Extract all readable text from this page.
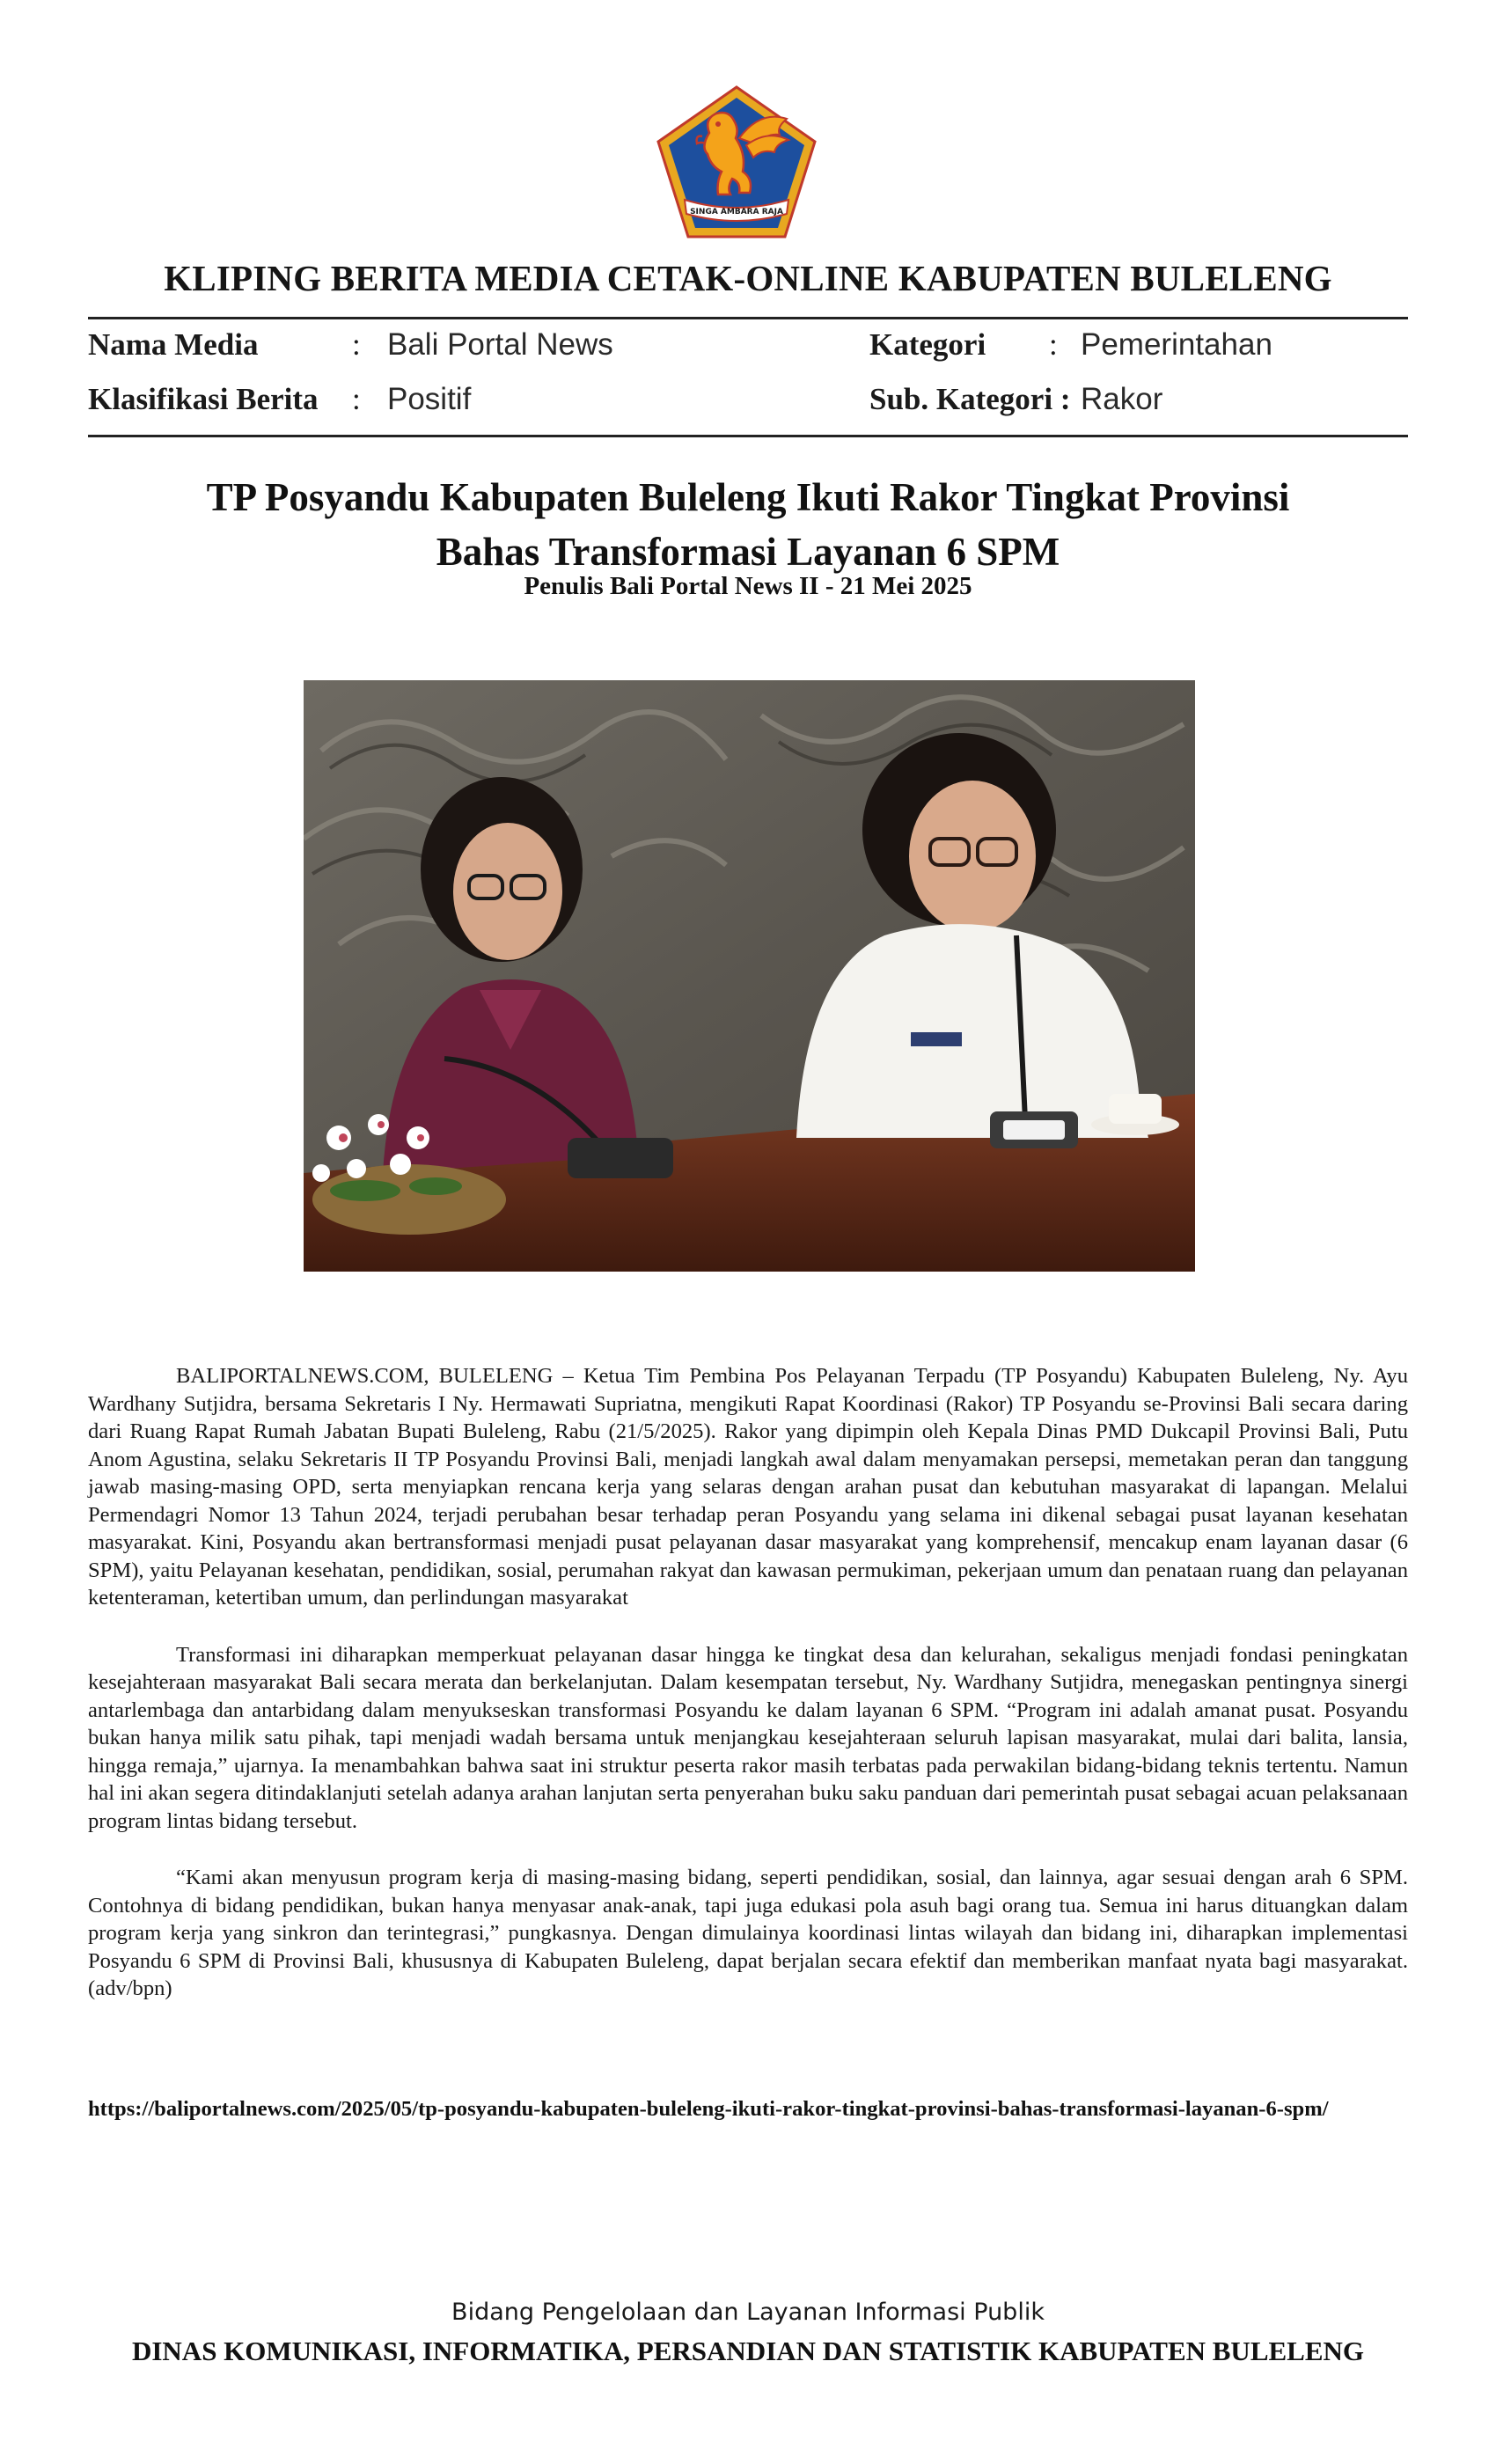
SINGA AMBARA RAJA
KLIPING BERITA MEDIA CETAK-ONLINE KABUPATEN BULELENG
Nama Media	: Bali Portal News	Kategori : Pemerintahan
Klasifikasi Berita : Positif	Sub. Kategori : Rakor
TP Posyandu Kabupaten Buleleng Ikuti Rakor Tingkat Provinsi
Bahas Transformasi Layanan 6 SPM
Penulis Bali Portal News II - 21 Mei 2025

BALIPORTALNEWS.COM, BULELENG – Ketua Tim Pembina Pos Pelayanan Terpadu (TP Posyandu) Kabupaten Buleleng, Ny. Ayu Wardhany Sutjidra, bersama Sekretaris I Ny. Hermawati Supriatna, mengikuti Rapat Koordinasi (Rakor) TP Posyandu se-Provinsi Bali secara daring dari Ruang Rapat Rumah Jabatan Bupati Buleleng, Rabu (21/5/2025). Rakor yang dipimpin oleh Kepala Dinas PMD Dukcapil Provinsi Bali, Putu Anom Agustina, selaku Sekretaris II TP Posyandu Provinsi Bali, menjadi langkah awal dalam menyamakan persepsi, memetakan peran dan tanggung jawab masing-masing OPD, serta menyiapkan rencana kerja yang selaras dengan arahan pusat dan kebutuhan masyarakat di lapangan. Melalui Permendagri Nomor 13 Tahun 2024, terjadi perubahan besar terhadap peran Posyandu yang selama ini dikenal sebagai pusat layanan kesehatan masyarakat. Kini, Posyandu akan bertransformasi menjadi pusat pelayanan dasar masyarakat yang komprehensif, mencakup enam layanan dasar (6 SPM), yaitu Pelayanan kesehatan, pendidikan, sosial, perumahan rakyat dan kawasan permukiman, pekerjaan umum dan penataan ruang dan pelayanan ketenteraman, ketertiban umum, dan perlindungan masyarakat

Transformasi ini diharapkan memperkuat pelayanan dasar hingga ke tingkat desa dan kelurahan, sekaligus menjadi fondasi peningkatan kesejahteraan masyarakat Bali secara merata dan berkelanjutan. Dalam kesempatan tersebut, Ny. Wardhany Sutjidra, menegaskan pentingnya sinergi antarlembaga dan antarbidang dalam menyukseskan transformasi Posyandu ke dalam layanan 6 SPM. “Program ini adalah amanat pusat. Posyandu bukan hanya milik satu pihak, tapi menjadi wadah bersama untuk menjangkau kesejahteraan seluruh lapisan masyarakat, mulai dari balita, lansia, hingga remaja,” ujarnya. Ia menambahkan bahwa saat ini struktur peserta rakor masih terbatas pada perwakilan bidang-bidang teknis tertentu. Namun hal ini akan segera ditindaklanjuti setelah adanya arahan lanjutan serta penyerahan buku saku panduan dari pemerintah pusat sebagai acuan pelaksanaan program lintas bidang tersebut.

“Kami akan menyusun program kerja di masing-masing bidang, seperti pendidikan, sosial, dan lainnya, agar sesuai dengan arah 6 SPM. Contohnya di bidang pendidikan, bukan hanya menyasar anak-anak, tapi juga edukasi pola asuh bagi orang tua. Semua ini harus dituangkan dalam program kerja yang sinkron dan terintegrasi,” pungkasnya. Dengan dimulainya koordinasi lintas wilayah dan bidang ini, diharapkan implementasi Posyandu 6 SPM di Provinsi Bali, khususnya di Kabupaten Buleleng, dapat berjalan secara efektif dan memberikan manfaat nyata bagi masyarakat.(adv/bpn)

https://baliportalnews.com/2025/05/tp-posyandu-kabupaten-buleleng-ikuti-rakor-tingkat-provinsi-bahas-transformasi-layanan-6-spm/
Bidang Pengelolaan dan Layanan Informasi Publik
DINAS KOMUNIKASI, INFORMATIKA, PERSANDIAN DAN STATISTIK KABUPATEN BULELENG
